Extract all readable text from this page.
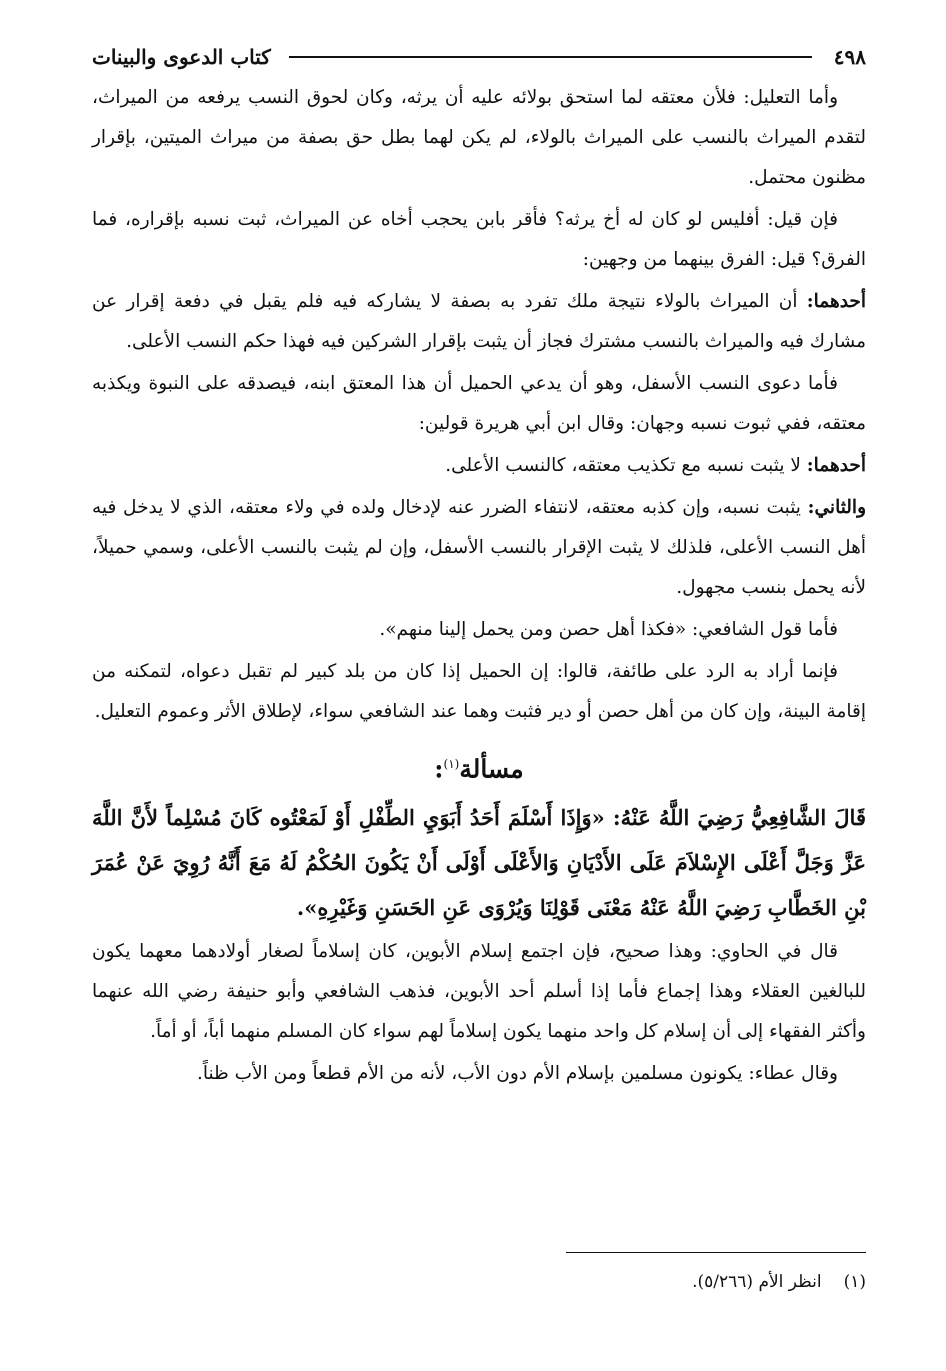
٤٩٨
كتاب الدعوى والبينات

وأما التعليل: فلأن معتقه لما استحق بولائه عليه أن يرثه، وكان لحوق النسب يرفعه من الميراث، لتقدم الميراث بالنسب على الميراث بالولاء، لم يكن لهما بطل حق بصفة من ميراث الميتين، بإقرار مظنون محتمل.

فإن قيل: أفليس لو كان له أخ يرثه؟ فأقر بابن يحجب أخاه عن الميراث، ثبت نسبه بإقراره، فما الفرق؟ قيل: الفرق بينهما من وجهين:

أحدهما: أن الميراث بالولاء نتيجة ملك تفرد به بصفة لا يشاركه فيه فلم يقبل في دفعة إقرار عن مشارك فيه والميراث بالنسب مشترك فجاز أن يثبت بإقرار الشركين فيه فهذا حكم النسب الأعلى.

فأما دعوى النسب الأسفل، وهو أن يدعي الحميل أن هذا المعتق ابنه، فيصدقه على النبوة ويكذبه معتقه، ففي ثبوت نسبه وجهان: وقال ابن أبي هريرة قولين:

أحدهما: لا يثبت نسبه مع تكذيب معتقه، كالنسب الأعلى.

والثاني: يثبت نسبه، وإن كذبه معتقه، لانتفاء الضرر عنه لإدخال ولده في ولاء معتقه، الذي لا يدخل فيه أهل النسب الأعلى، فلذلك لا يثبت الإقرار بالنسب الأسفل، وإن لم يثبت بالنسب الأعلى، وسمي حميلاً، لأنه يحمل بنسب مجهول.

فأما قول الشافعي: «فكذا أهل حصن ومن يحمل إلينا منهم».

فإنما أراد به الرد على طائفة، قالوا: إن الحميل إذا كان من بلد كبير لم تقبل دعواه، لتمكنه من إقامة البينة، وإن كان من أهل حصن أو دير فثبت وهما عند الشافعي سواء، لإطلاق الأثر وعموم التعليل.

مسألة$^{(١)}$:

قَالَ الشَّافِعِيُّ رَضِيَ اللَّهُ عَنْهُ: «وَإِذَا أَسْلَمَ أَحَدُ أَبَوَيِ الطِّفْلِ أَوْ لَمَعْتُوه كَانَ مُسْلِماً لأَنَّ اللَّهَ عَزَّ وَجَلَّ أَعْلَى الإِسْلاَمَ عَلَى الأَدْيَانِ وَالأَعْلَى أَوْلَى أَنْ يَكُونَ الحُكْمُ لَهُ مَعَ أَنَّهُ رُوِيَ عَنْ عُمَرَ بْنِ الخَطَّابِ رَضِيَ اللَّهُ عَنْهُ مَعْنَى قَوْلِنَا وَيُرْوَى عَنِ الحَسَنِ وَغَيْرِهِ».

قال في الحاوي: وهذا صحيح، فإن اجتمع إسلام الأبوين، كان إسلاماً لصغار أولادهما معهما يكون للبالغين العقلاء وهذا إجماع فأما إذا أسلم أحد الأبوين، فذهب الشافعي وأبو حنيفة رضي الله عنهما وأكثر الفقهاء إلى أن إسلام كل واحد منهما يكون إسلاماً لهم سواء كان المسلم منهما أباً، أو أماً.

وقال عطاء: يكونون مسلمين بإسلام الأم دون الأب، لأنه من الأم قطعاً ومن الأب ظناً.

(١)انظر الأم (٥/٢٦٦).
